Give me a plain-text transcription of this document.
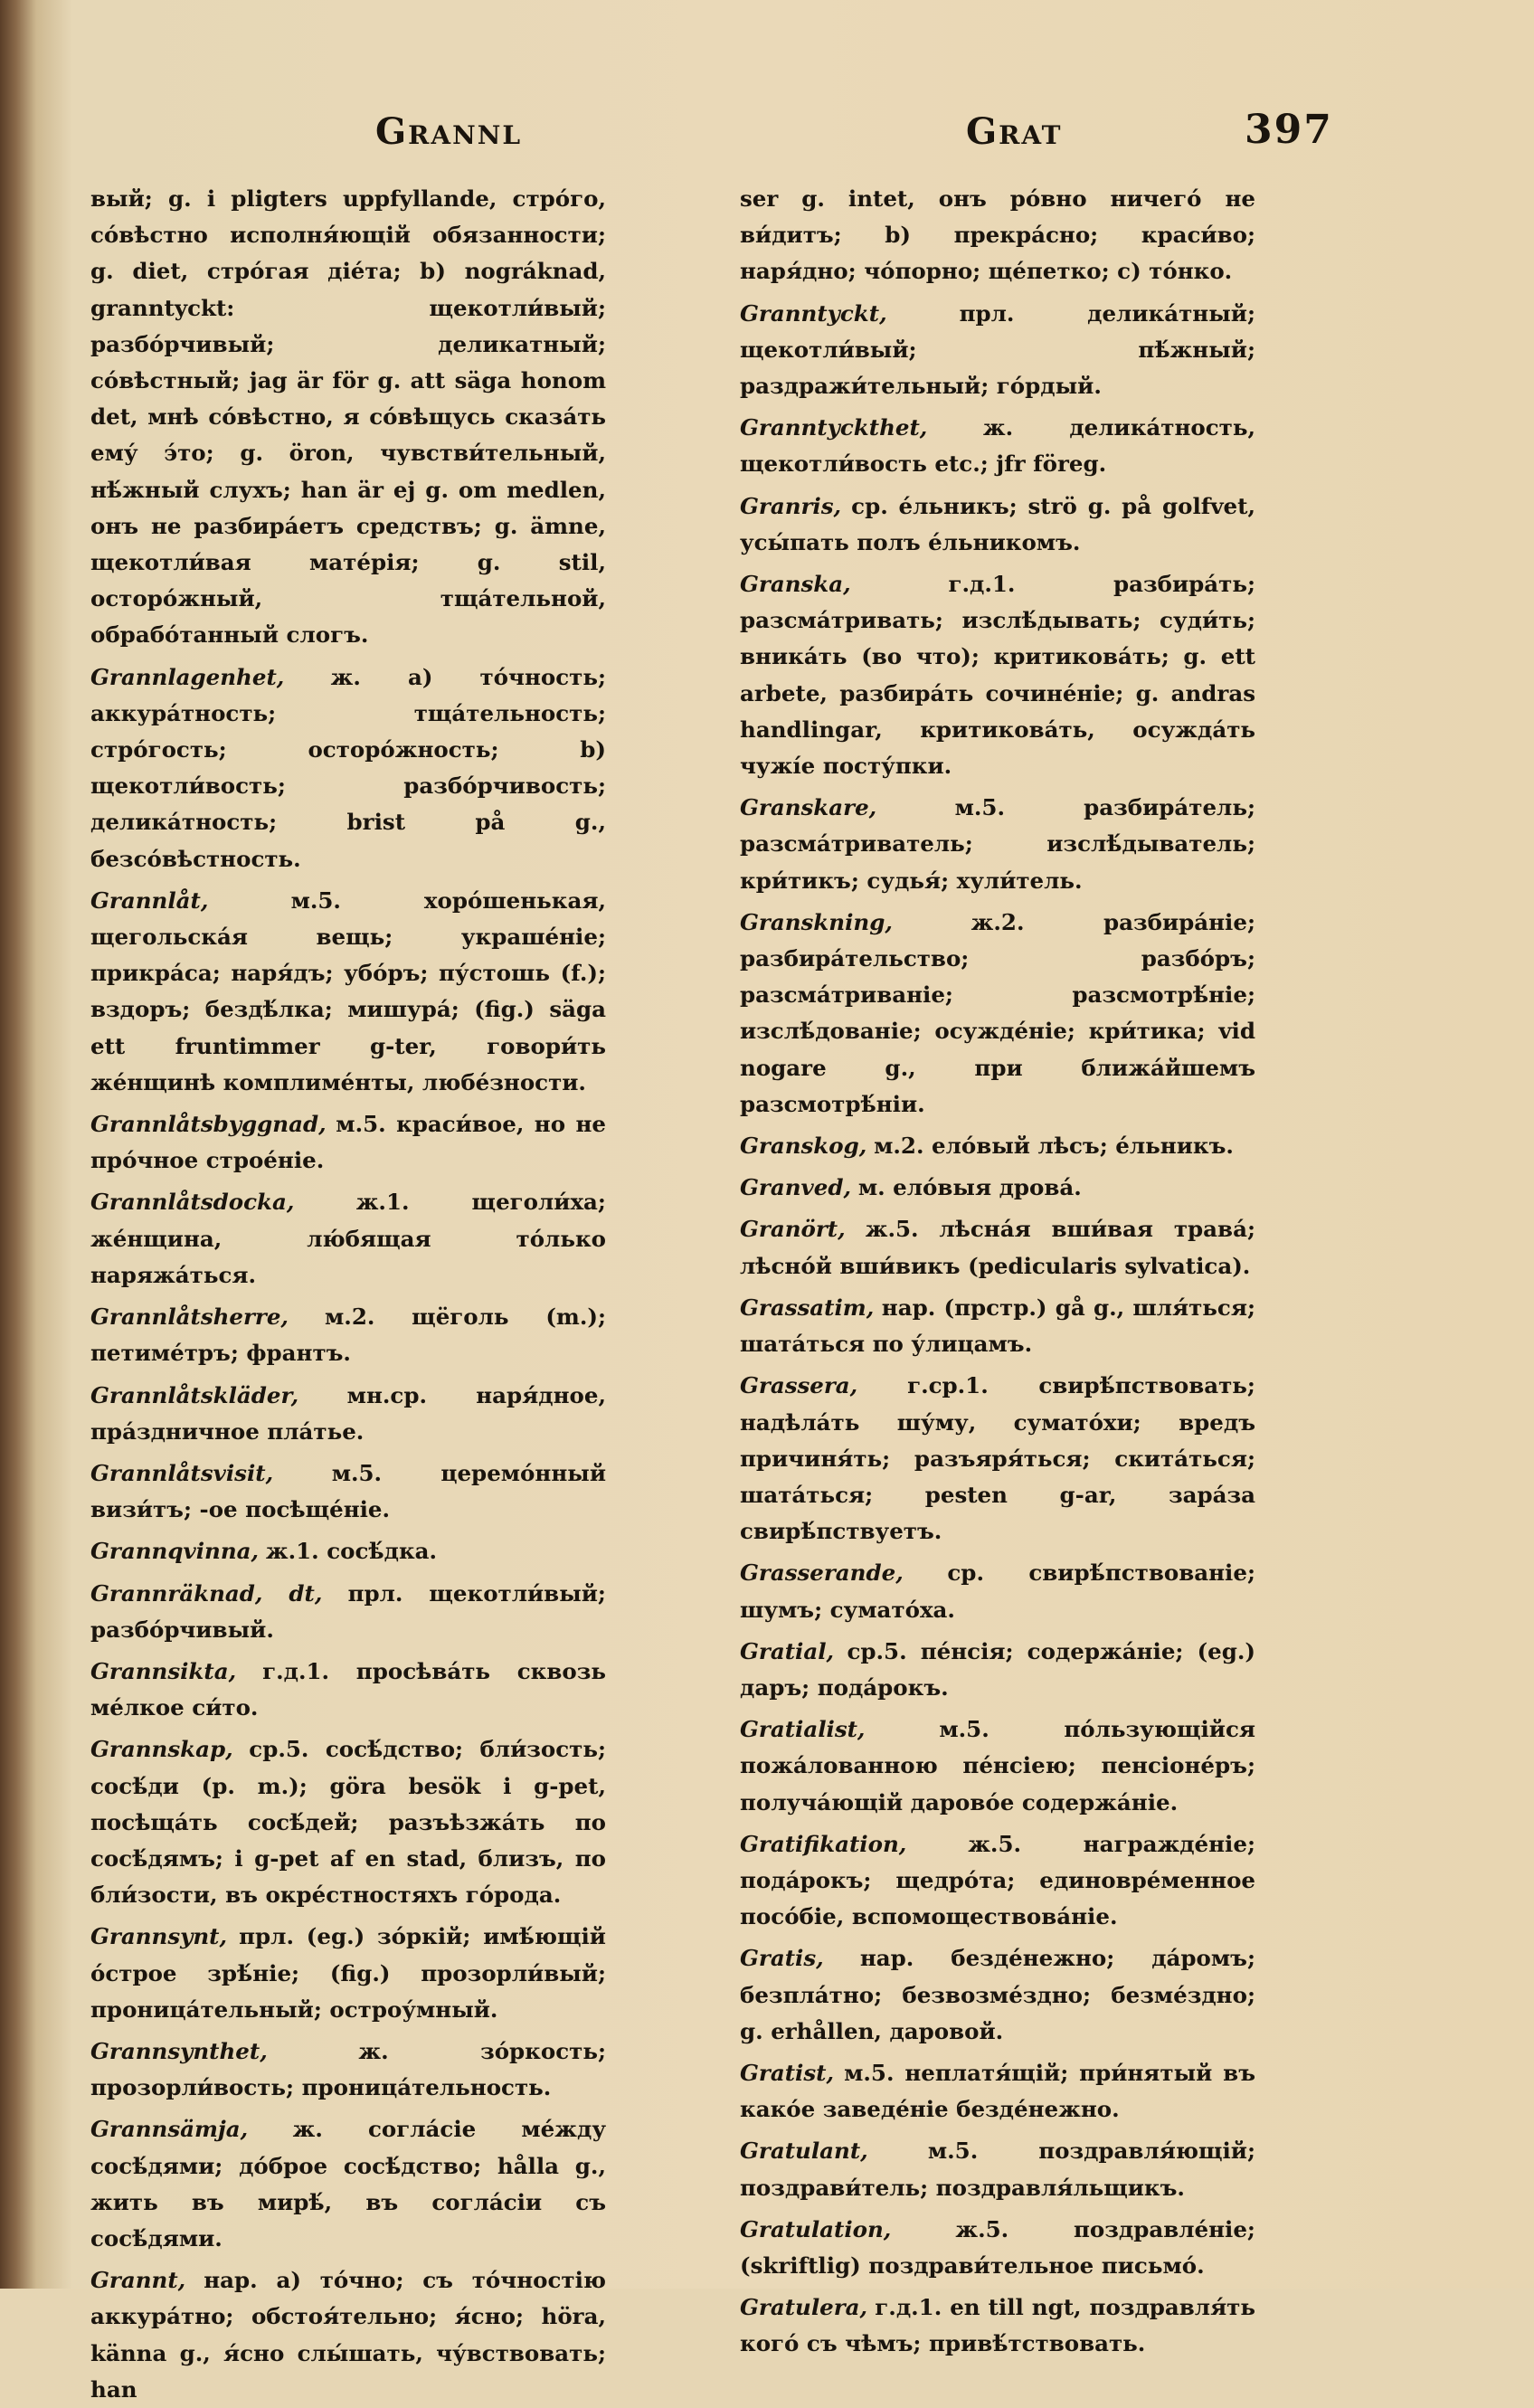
Grannl	Grat	397

вый; g. i pligters uppfyllande, стро́го, со́вѣстно исполня́ющій обязанности; g. diet, стро́гая діе́та; b) nográknad, granntyckt: щекотли́вый; разбо́рчивый; деликатный; со́вѣстный; jag är för g. att säga honom det, мнѣ со́вѣстно, я со́вѣщусь сказа́ть ему́ э́то; g. öron, чувстви́тельный, нѣ́жный слухъ; han är ej g. om medlen, онъ не разбира́етъ средствъ; g. ämne, щекотли́вая мате́рія; g. stil, осторо́жный, тща́тельной, обрабо́танный слогъ.

Grannlagenhet, ж. а) то́чность; аккура́тность; тща́тельность; стро́гость; осторо́жность; b) щекотли́вость; разбо́рчивость; делика́тность; brist på g., безсо́вѣстность.

Grannlåt,	м.5. хоро́шенькая, щегольска́я вещь; украше́ніе; прикра́са; наря́дъ; убо́ръ; пу́стошь (f.); вздоръ; бездѣ́лка; мишура́; (fig.) säga ett fruntimmer g-ter, говори́ть же́нщинѣ комплиме́нты, любе́зности.

Grannlåtsbyggnad, м.5. краси́вое, но не про́чное строе́ніе.

Grannlåtsdocka,	ж.1. щеголи́ха; же́нщина, лю́бящая то́лько наряжа́ться.

Grannlåtsherre, м.2. щёголь (m.); петиме́тръ; франтъ.

Grannlåtskläder, мн.ср. наря́дное, пра́здничное пла́тье.

Grannlåtsvisit,	м.5. церемо́нный визи́тъ; -ое посѣще́ніе.

Grannqvinna, ж.1. сосѣ́дка.

Grannräknad, dt, прл. щекотли́вый; разбо́рчивый.

Grannsikta, г.д.1. просѣва́ть сквозь ме́лкое си́то.

Grannskap, ср.5. сосѣ́дство; бли́зость; сосѣ́ди (p. m.); göra besök i g-pet, посѣща́ть сосѣ́дей; разъѣзжа́ть по сосѣ́дямъ; i g-pet af en stad, близъ, по бли́зости, въ окре́стностяхъ го́рода.

Grannsynt, прл. (eg.) зо́ркій; имѣ́ющій о́строе зрѣ́ніе; (fig.) прозорли́вый; проница́тельный; остроу́мный.

Grannsynthet,	ж. зо́ркость; прозорли́вость; проница́тельность.

Grannsämja, ж. согла́сіе ме́жду сосѣ́дями; до́брое сосѣ́дство; hålla g., жить въ мирѣ́, въ согла́сіи съ сосѣ́дями.

Grannt, нар. а) то́чно; съ то́чностію аккура́тно; обстоя́тельно; я́сно; höra, känna g., я́сно слы́шать, чу́вствовать; han

ser g. intet, онъ ро́вно ничего́ не ви́дитъ; b) прекра́сно; краси́во; наря́дно; чо́порно; ще́петко; c) то́нко.

Granntyckt,	прл. делика́тный; щекотли́вый; пѣ́жный; раздражи́тельный; го́рдый.

Granntyckthet,	ж. делика́тность, щекотли́вость etc.; jfr föreg.

Granris, ср. е́льникъ; strö g. på golfvet, усы́пать полъ е́льникомъ.

Granska,	г.д.1. разбира́ть; разсма́тривать; изслѣ́дывать; суди́ть; вника́ть (во что); критикова́ть; g. ett arbete, разбира́ть сочине́ніе; g. andras handlingar, критикова́ть, осужда́ть чужі́е посту́пки.

Granskare,	м.5. разбира́тель; разсма́триватель; изслѣ́дыватель; кри́тикъ; судья́; хули́тель.

Granskning,	ж.2. разбира́ніе; разбира́тельство; разбо́ръ; разсма́триваніе; разсмотрѣ́ніе; изслѣ́дованіе; осужде́ніе; кри́тика; vid nogare g., при ближа́йшемъ разсмотрѣ́ніи.

Granskog, м.2. ело́вый лѣсъ; е́льникъ.

Granved, м. ело́выя дрова́.

Granört, ж.5. лѣсна́я вши́вая трава́; лѣсно́й вши́викъ (pedicularis sylvatica).

Grassatim, нар. (прстр.) gå g., шля́ться; шата́ться по у́лицамъ.

Grassera, г.ср.1. свирѣ́пствовать; надѣла́ть шу́му, сумато́хи; вредъ причиня́ть; разъяря́ться; скита́ться; шата́ться; pesten g-ar, зара́за свирѣ́пствуетъ.

Grasserande, ср. свирѣ́пствованіе; шумъ; сумато́ха.

Gratial, ср.5. пе́нсія; содержа́ніе; (eg.) даръ; пода́рокъ.

Gratialist,	м.5. по́льзующійся пожа́лованною пе́нсіею; пенсіоне́ръ; получа́ющій дарово́е содержа́ніе.

Gratifikation,	ж.5. награжде́ніе; пода́рокъ; щедро́та; единовре́менное посо́біе, вспомоществова́ніе.

Gratis, нар. безде́нежно; да́ромъ; безпла́тно; безвозме́здно; безме́здно; g. erhållen, даровой.

Gratist, м.5. неплатя́щій; при́нятый въ како́е заведе́ніе безде́нежно.

Gratulant,	м.5. поздравля́ющій; поздрави́тель; поздравля́льщикъ.

Gratulation,	ж.5. поздравле́ніе; (skriftlig) поздрави́тельное письмо́.

Gratulera, г.д.1. en till ngt, поздравля́ть кого́ съ чѣмъ; привѣ́тствовать.
